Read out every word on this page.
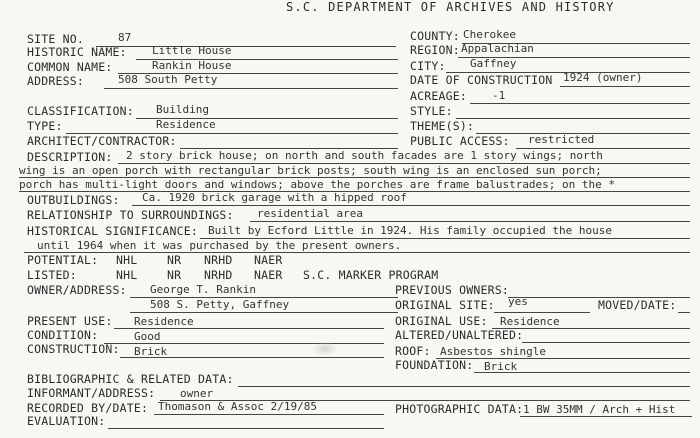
S.C. DEPARTMENT OF ARCHIVES AND HISTORY
SITE NO.	87
HISTORIC NAME: Little House
COMMON NAME:	Rankin House
ADDRESS:	508 South Petty
COUNTY: Cherokee
REGION: Appalachian
CITY: Gaffney
DATE OF CONSTRUCTION 1924 (owner)
ACREAGE: -1
CLASSIFICATION: Building	STYLE:
TYPE:	Residence	THEME(S):
ARCHITECT/CONTRACTOR:	PUBLIC ACCESS: restricted
DESCRIPTION: 2 story brick house; on north and south facades are 1 story wings; north
wing is an open porch with rectangular brick posts; south wing is an enclosed sun porch;
porch has multi-light doors and windows; above the porches are frame balustrades; on the *
OUTBUILDINGS: Ca. 1920 brick garage with a hipped roof
RELATIONSHIP TO SURROUNDINGS: residential area
HISTORICAL SIGNIFICANCE: Built by Ecford Little in 1924. His family occupied the house
until 1964 when it was purchased by the present owners.
POTENTIAL: NHL	NR NRHD NAER
LISTED:	NHL	NR NRHD NAER S.C. MARKER PROGRAM
OWNER/ADDRESS: George T. Rankin
508 S. Petty, Gaffney
PREVIOUS OWNERS:
ORIGINAL SITE: yes	MOVED/DATE:
PRESENT USE: Residence	ORIGINAL USE: Residence
CONDITION:	Good	ALTERED/UNALTERED:
CONSTRUCTION: Brick	ROOF: Asbestos shingle
FOUNDATION: Brick
BIBLIOGRAPHIC & RELATED DATA:
INFORMANT/ADDRESS: owner
RECORDED BY/DATE: Thomason & Assoc 2/19/85	PHOTOGRAPHIC DATA: 1 BW 35MM / Arch + Hist
EVALUATION:
